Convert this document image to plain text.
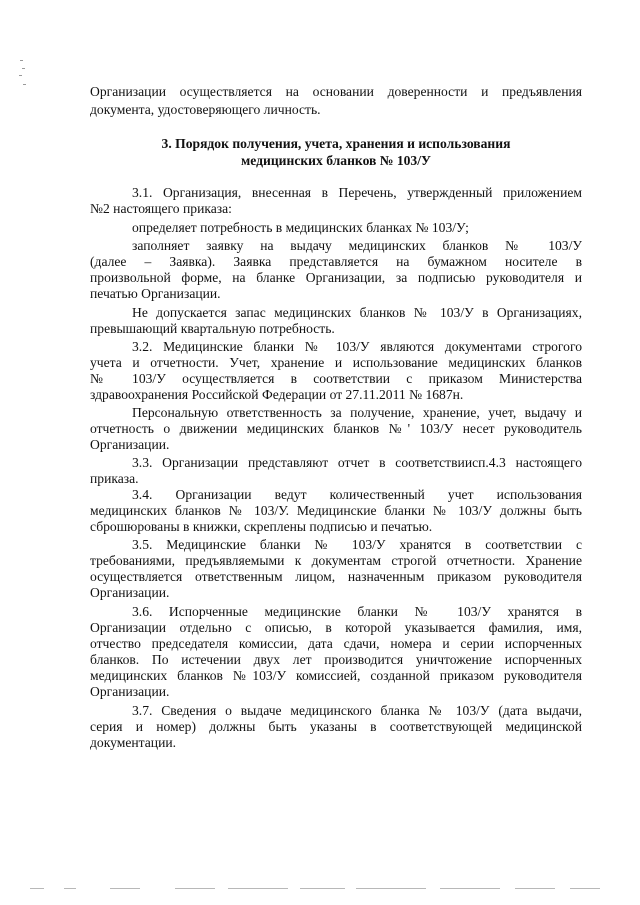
Организации осуществляется на основании доверенности и предъявления
документа, удостоверяющего личность.
3. Порядок получения, учета, хранения и использования
медицинских бланков № 103/У
3.1. Организация, внесенная в Перечень, утвержденный приложением
№2 настоящего приказа:
определяет потребность в медицинских бланках № 103/У;
заполняет заявку на выдачу медицинских бланков № 103/У
(далее – Заявка). Заявка представляется на бумажном носителе в
произвольной форме, на бланке Организации, за подписью руководителя и
печатью Организации.
Не допускается запас медицинских бланков № 103/У в Организациях,
превышающий квартальную потребность.
3.2. Медицинские бланки № 103/У являются документами строгого
учета и отчетности. Учет, хранение и использование медицинских бланков
№ 103/У осуществляется в соответствии с приказом Министерства
здравоохранения Российской Федерации от 27.11.2011 № 1687н.
Персональную ответственность за получение, хранение, учет, выдачу и
отчетность о движении медицинских бланков №' 103/У несет руководитель
Организации.
3.3. Организации представляют отчет в соответствиисп.4.3 настоящего
приказа.
3.4. Организации ведут количественный учет использования
медицинских бланков № 103/У. Медицинские бланки № 103/У должны быть
сброшюрованы в книжки, скреплены подписью и печатью.
3.5. Медицинские бланки № 103/У хранятся в соответствии с
требованиями, предъявляемыми к документам строгой отчетности. Хранение
осуществляется ответственным лицом, назначенным приказом руководителя
Организации.
3.6. Испорченные медицинские бланки № 103/У хранятся в
Организации отдельно с описью, в которой указывается фамилия, имя,
отчество председателя комиссии, дата сдачи, номера и серии испорченных
бланков. По истечении двух лет производится уничтожение испорченных
медицинских бланков №103/У комиссией, созданной приказом руководителя
Организации.
3.7. Сведения о выдаче медицинского бланка № 103/У (дата выдачи,
серия и номер) должны быть указаны в соответствующей медицинской
документации.
